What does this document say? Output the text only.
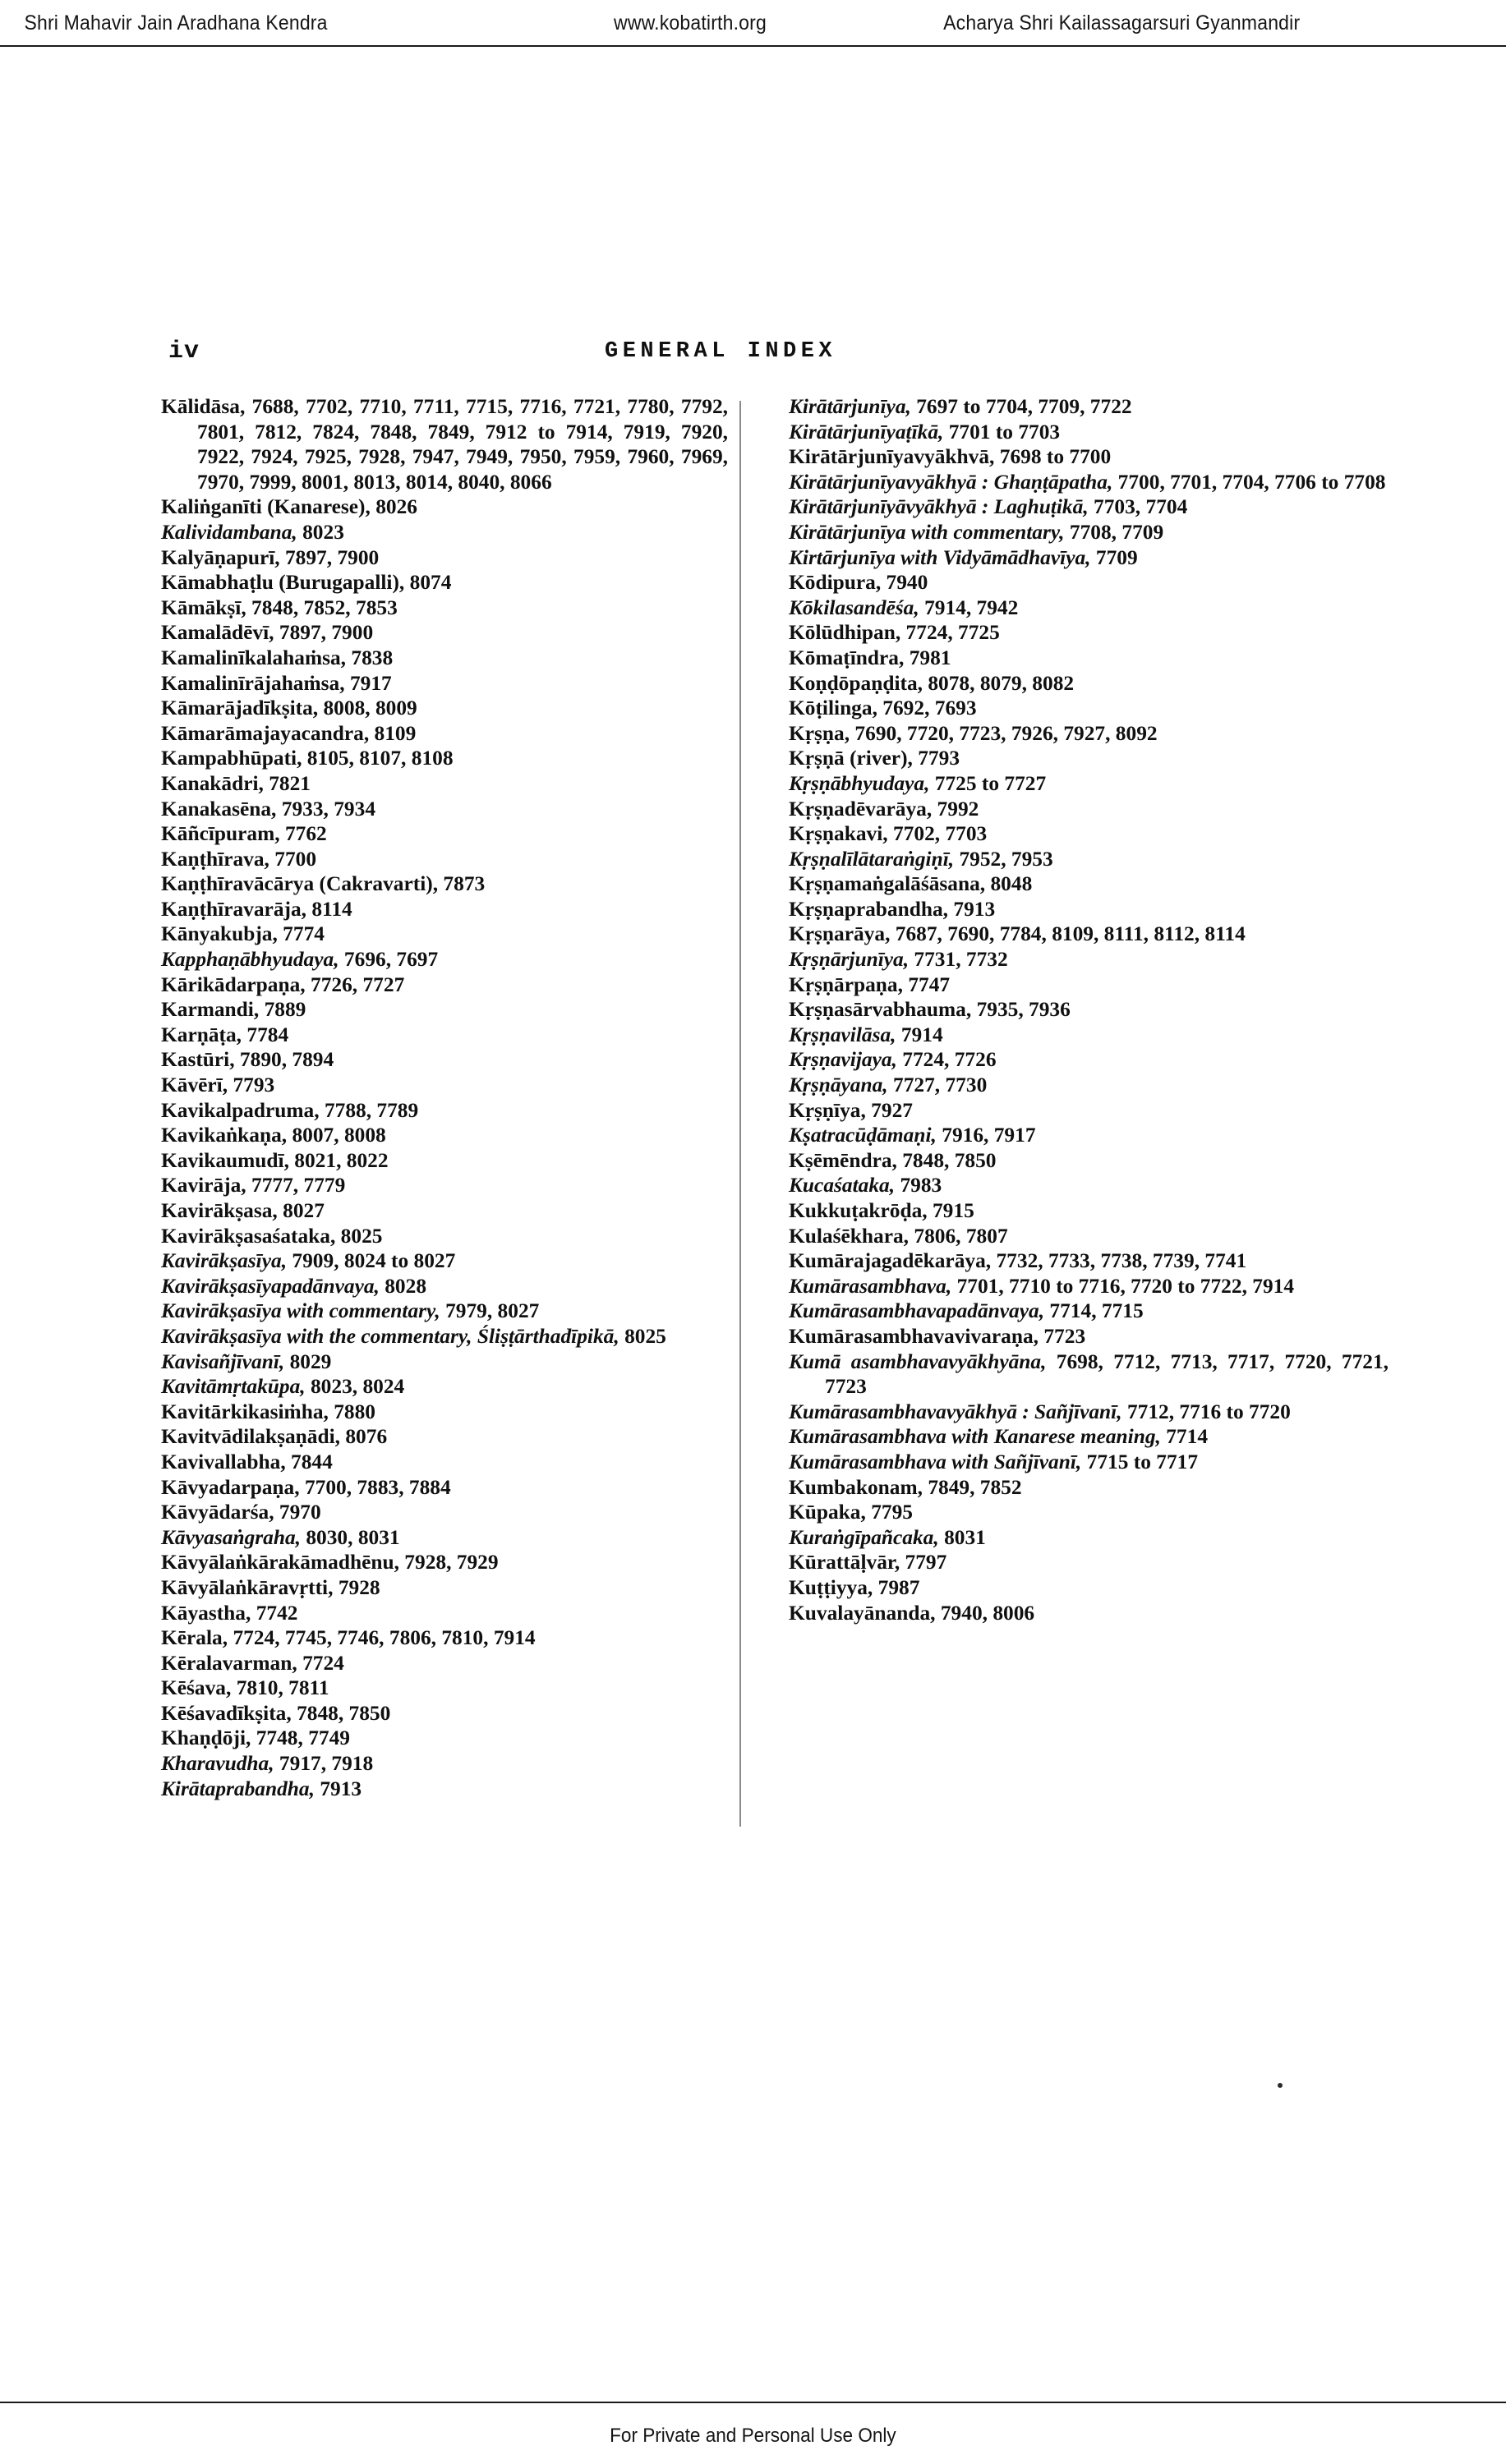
Shri Mahavir Jain Aradhana Kendra	www.kobatirth.org	Acharya Shri Kailassagarsuri Gyanmandir
iv	GENERAL INDEX

Kālidāsa, 7688, 7702, 7710, 7711, 7715, 7716, 7721, 7780, 7792, 7801, 7812, 7824, 7848, 7849, 7912 to 7914, 7919, 7920, 7922, 7924, 7925, 7928, 7947, 7949, 7950, 7959, 7960, 7969, 7970, 7999, 8001, 8013, 8014, 8040, 8066

Kaliṅganīti (Kanarese), 8026

Kalividambana, 8023

Kalyāṇapurī, 7897, 7900

Kāmabhaṭlu (Burugapalli), 8074

Kāmākṣī, 7848, 7852, 7853

Kamalādēvī, 7897, 7900

Kamalinīkalahaṁsa, 7838

Kamalinīrājahaṁsa, 7917

Kāmarājadīkṣita, 8008, 8009

Kāmarāmajayacandra, 8109

Kampabhūpati, 8105, 8107, 8108

Kanakādri, 7821

Kanakasēna, 7933, 7934

Kāñcīpuram, 7762

Kaṇṭhīrava, 7700

Kaṇṭhīravācārya (Cakravarti), 7873

Kaṇṭhīravarāja, 8114

Kānyakubja, 7774

Kapphaṇābhyudaya, 7696, 7697

Kārikādarpaṇa, 7726, 7727

Karmandi, 7889

Karṇāṭa, 7784

Kastūri, 7890, 7894

Kāvērī, 7793

Kavikalpadruma, 7788, 7789

Kavikaṅkaṇa, 8007, 8008

Kavikaumudī, 8021, 8022

Kavirāja, 7777, 7779

Kavirākṣasa, 8027

Kavirākṣasaśataka, 8025

Kavirākṣasīya, 7909, 8024 to 8027

Kavirākṣasīyapadānvaya, 8028

Kavirākṣasīya with commentary, 7979, 8027

Kavirākṣasīya with the commentary, Śliṣṭārthadīpikā, 8025

Kavisañjīvanī, 8029

Kavitāmṛtakūpa, 8023, 8024

Kavitārkikasiṁha, 7880

Kavitvādilakṣaṇādi, 8076

Kavivallabha, 7844

Kāvyadarpaṇa, 7700, 7883, 7884

Kāvyādarśa, 7970

Kāvyasaṅgraha, 8030, 8031

Kāvyālaṅkārakāmadhēnu, 7928, 7929

Kāvyālaṅkāravṛtti, 7928

Kāyastha, 7742

Kērala, 7724, 7745, 7746, 7806, 7810, 7914

Kēralavarman, 7724

Kēśava, 7810, 7811

Kēśavadīkṣita, 7848, 7850

Khaṇḍōji, 7748, 7749

Kharavudha, 7917, 7918

Kirātaprabandha, 7913

Kirātārjunīya, 7697 to 7704, 7709, 7722

Kirātārjunīyaṭīkā, 7701 to 7703

Kirātārjunīyavyākhvā, 7698 to 7700

Kirātārjunīyavyākhyā : Ghaṇṭāpatha, 7700, 7701, 7704, 7706 to 7708

Kirātārjunīyāvyākhyā : Laghuṭikā, 7703, 7704

Kirātārjunīya with commentary, 7708, 7709

Kirtārjunīya with Vidyāmādhavīya, 7709

Kōdipura, 7940

Kōkilasandēśa, 7914, 7942

Kōlūdhipan, 7724, 7725

Kōmaṭīndra, 7981

Koṇḍōpaṇḍita, 8078, 8079, 8082

Kōṭilinga, 7692, 7693

Kṛṣṇa, 7690, 7720, 7723, 7926, 7927, 8092

Kṛṣṇā (river), 7793

Kṛṣṇābhyudaya, 7725 to 7727

Kṛṣṇadēvarāya, 7992

Kṛṣṇakavi, 7702, 7703

Kṛṣṇalīlātaraṅgiṇī, 7952, 7953

Kṛṣṇamaṅgalāśāsana, 8048

Kṛṣṇaprabandha, 7913

Kṛṣṇarāya, 7687, 7690, 7784, 8109, 8111, 8112, 8114

Kṛṣṇārjunīya, 7731, 7732

Kṛṣṇārpaṇa, 7747

Kṛṣṇasārvabhauma, 7935, 7936

Kṛṣṇavilāsa, 7914

Kṛṣṇavijaya, 7724, 7726

Kṛṣṇāyana, 7727, 7730

Kṛṣṇīya, 7927

Kṣatracūḍāmaṇi, 7916, 7917

Kṣēmēndra, 7848, 7850

Kucaśataka, 7983

Kukkuṭakrōḍa, 7915

Kulaśēkhara, 7806, 7807

Kumārajagadēkarāya, 7732, 7733, 7738, 7739, 7741

Kumārasambhava, 7701, 7710 to 7716, 7720 to 7722, 7914

Kumārasambhavapadānvaya, 7714, 7715

Kumārasambhavavivaraṇa, 7723

Kumā asambhavavyākhyāna, 7698, 7712, 7713, 7717, 7720, 7721, 7723

Kumārasambhavavyākhyā : Sañjīvanī, 7712, 7716 to 7720

Kumārasambhava with Kanarese meaning, 7714

Kumārasambhava with Sañjīvanī, 7715 to 7717

Kumbakonam, 7849, 7852

Kūpaka, 7795

Kuraṅgīpañcaka, 8031

Kūrattāḷvār, 7797

Kuṭṭiyya, 7987

Kuvalayānanda, 7940, 8006

For Private and Personal Use Only
